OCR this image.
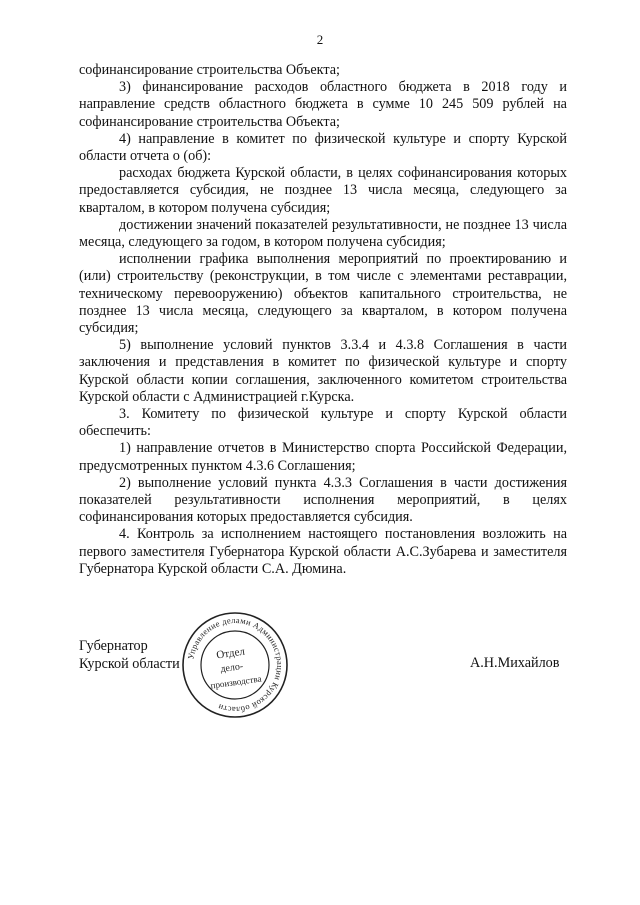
2

софинансирование строительства Объекта;

3) финансирование расходов областного бюджета в 2018 году и направление средств областного бюджета в сумме 10 245 509 рублей на софинансирование строительства Объекта;

4) направление в комитет по физической культуре и спорту Курской области отчета о (об):

расходах бюджета Курской области, в целях софинансирования которых предоставляется субсидия, не позднее 13 числа месяца, следующего за кварталом, в котором получена субсидия;

достижении значений показателей результативности, не позднее 13 числа месяца, следующего за годом, в котором получена субсидия;

исполнении графика выполнения мероприятий по проектированию и (или) строительству (реконструкции, в том числе с элементами реставрации, техническому перевооружению) объектов капитального строительства, не позднее 13 числа месяца, следующего за кварталом, в котором получена субсидия;

5) выполнение условий пунктов 3.3.4 и 4.3.8 Соглашения в части заключения и представления в комитет по физической культуре и спорту Курской области копии соглашения, заключенного комитетом строительства Курской области с Администрацией г.Курска.

3. Комитету по физической культуре и спорту Курской области обеспечить:

1) направление отчетов в Министерство спорта Российской Федерации, предусмотренных пунктом 4.3.6 Соглашения;

2) выполнение условий пункта 4.3.3 Соглашения в части достижения показателей результативности исполнения мероприятий, в целях софинансирования которых предоставляется субсидия.

4. Контроль за исполнением настоящего постановления возложить на первого заместителя Губернатора Курской области А.С.Зубарева и заместителя Губернатора Курской области С.А. Дюмина.

Губернатор
Курской области Управление делами Администрации Курской области
Отдел
дело-
производства
А.Н.Михайлов
